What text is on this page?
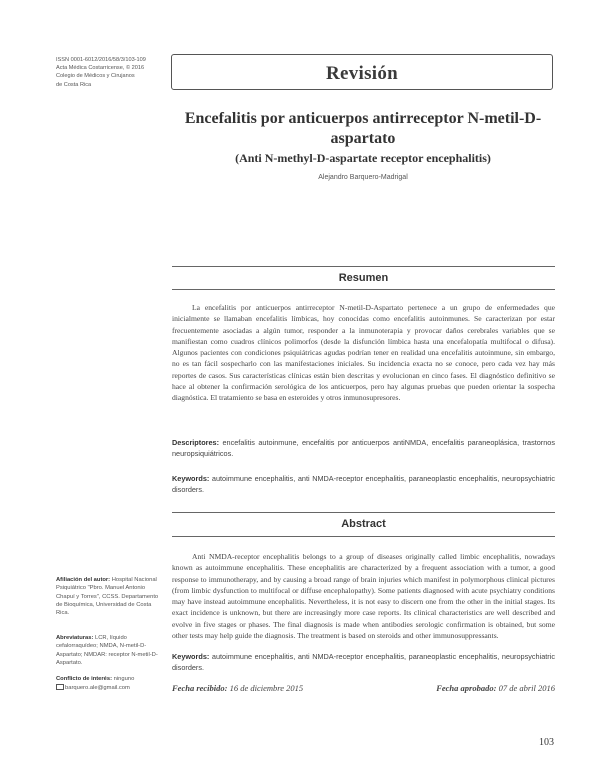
ISSN 0001-6012/2016/58/3/103-109
Acta Médica Costarricense, © 2016
Colegio de Médicos y Cirujanos
de Costa Rica
Revisión
Encefalitis por anticuerpos antirreceptor N-metil-D-aspartato
(Anti N-methyl-D-aspartate receptor encephalitis)
Alejandro Barquero-Madrigal
Resumen
La encefalitis por anticuerpos antirreceptor N-metil-D-Aspartato pertenece a un grupo de enfermedades que inicialmente se llamaban encefalitis límbicas, hoy conocidas como encefalitis autoinmunes. Se caracterizan por estar frecuentemente asociadas a algún tumor, responder a la inmunoterapia y provocar daños cerebrales variables que se manifiestan como cuadros clínicos polimorfos (desde la disfunción límbica hasta una encefalopatía multifocal o difusa). Algunos pacientes con condiciones psiquiátricas agudas podrían tener en realidad una encefalitis autoinmune, sin embargo, no es tan fácil sospecharlo con las manifestaciones iniciales. Su incidencia exacta no se conoce, pero cada vez hay más reportes de casos. Sus características clínicas están bien descritas y evolucionan en cinco fases. El diagnóstico definitivo se hace al obtener la confirmación serológica de los anticuerpos, pero hay algunas pruebas que pueden orientar la sospecha diagnóstica. El tratamiento se basa en esteroides y otros inmunosupresores.
Descriptores: encefalitis autoinmune, encefalitis por anticuerpos antiNMDA, encefalitis paraneoplásica, trastornos neuropsiquiátricos.
Keywords: autoimmune encephalitis, anti NMDA-receptor encephalitis, paraneoplastic encephalitis, neuropsychiatric disorders.
Abstract
Anti NMDA-receptor encephalitis belongs to a group of diseases originally called limbic encephalitis, nowadays known as autoimmune encephalitis. These encephalitis are characterized by a frequent association with a tumor, a good response to immunotherapy, and by causing a broad range of brain injuries which manifest in polymorphous clinical pictures (from limbic dysfunction to multifocal or diffuse encephalopathy). Some patients diagnosed with acute psychiatry conditions may have instead autoimmune encephalitis. Nevertheless, it is not easy to discern one from the other in the initial stages. Its exact incidence is unknown, but there are increasingly more case reports. Its clinical characteristics are well described and evolve in five stages or phases. The final diagnosis is made when antibodies serologic confirmation is obtained, but some other tests may help guide the diagnosis. The treatment is based on steroids and other immunosuppressants.
Keywords: autoimmune encephalitis, anti NMDA-receptor encephalitis, paraneoplastic encephalitis, neuropsychiatric disorders.
Afiliación del autor: Hospital Nacional Psiquiátrico "Pbro. Manuel Antonio Chapuí y Torres", CCSS. Departamento de Bioquímica, Universidad de Costa Rica.
Abreviaturas: LCR, líquido cefalorraquídeo; NMDA, N-metil-D-Aspartato; NMDAR: receptor N-metil-D-Aspartato.
Conflicto de interés: ninguno
barquero.ale@gmail.com	Fecha recibido: 16 de diciembre 2015	Fecha aprobado: 07 de abril 2016
103
